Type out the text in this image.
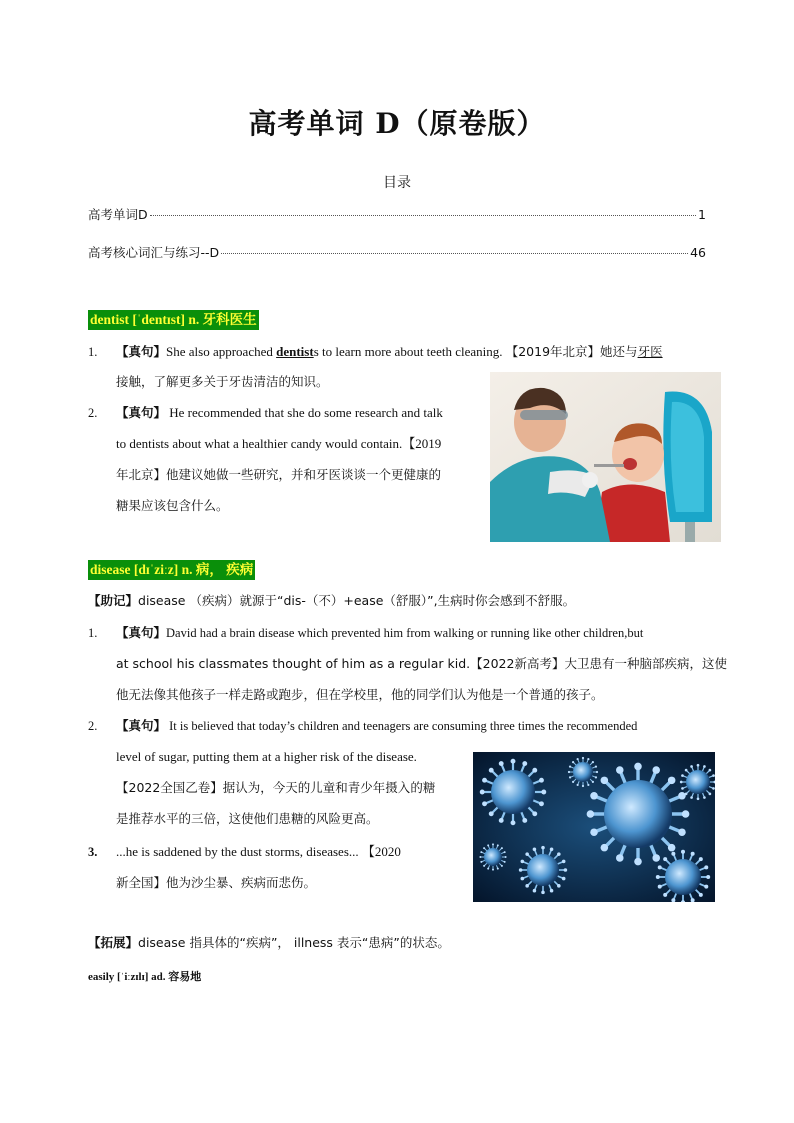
高考单词 D（原卷版）
目录
高考单词D	1
高考核心词汇与练习--D	46
dentist [ˈdentɪst] n. 牙科医生
1. 【真句】She also approached dentists to learn more about teeth cleaning. 【2019年北京】她还与牙医
接触，了解更多关于牙齿清洁的知识。
2. 【真句】 He recommended that she do some research and talk
to dentists about what a healthier candy would contain.【2019
年北京】他建议她做一些研究，并和牙医谈谈一个更健康的
糖果应该包含什么。
disease [dɪˈziːz] n. 病， 疾病
【助记】disease （疾病）就源于“dis-（不）+ease（舒服）”,生病时你会感到不舒服。
1. 【真句】David had a brain disease which prevented him from walking or running like other children,but
at school his classmates thought of him as a regular kid.【2022新高考】大卫患有一种脑部疾病，这使
他无法像其他孩子一样走路或跑步，但在学校里，他的同学们认为他是一个普通的孩子。
2. 【真句】 It is believed that today’s children and teenagers are consuming three times the recommended
level of sugar, putting them at a higher risk of the disease.
【2022全国乙卷】据认为，今天的儿童和青少年摄入的糖
是推荐水平的三倍，这使他们患糖的风险更高。
3. ...he is saddened by the dust storms, diseases... 【2020
新全国】他为沙尘暴、疾病而悲伤。
【拓展】disease 指具体的“疾病”， illness 表示“患病”的状态。
easily [ˈiːzɪlɪ] ad. 容易地
